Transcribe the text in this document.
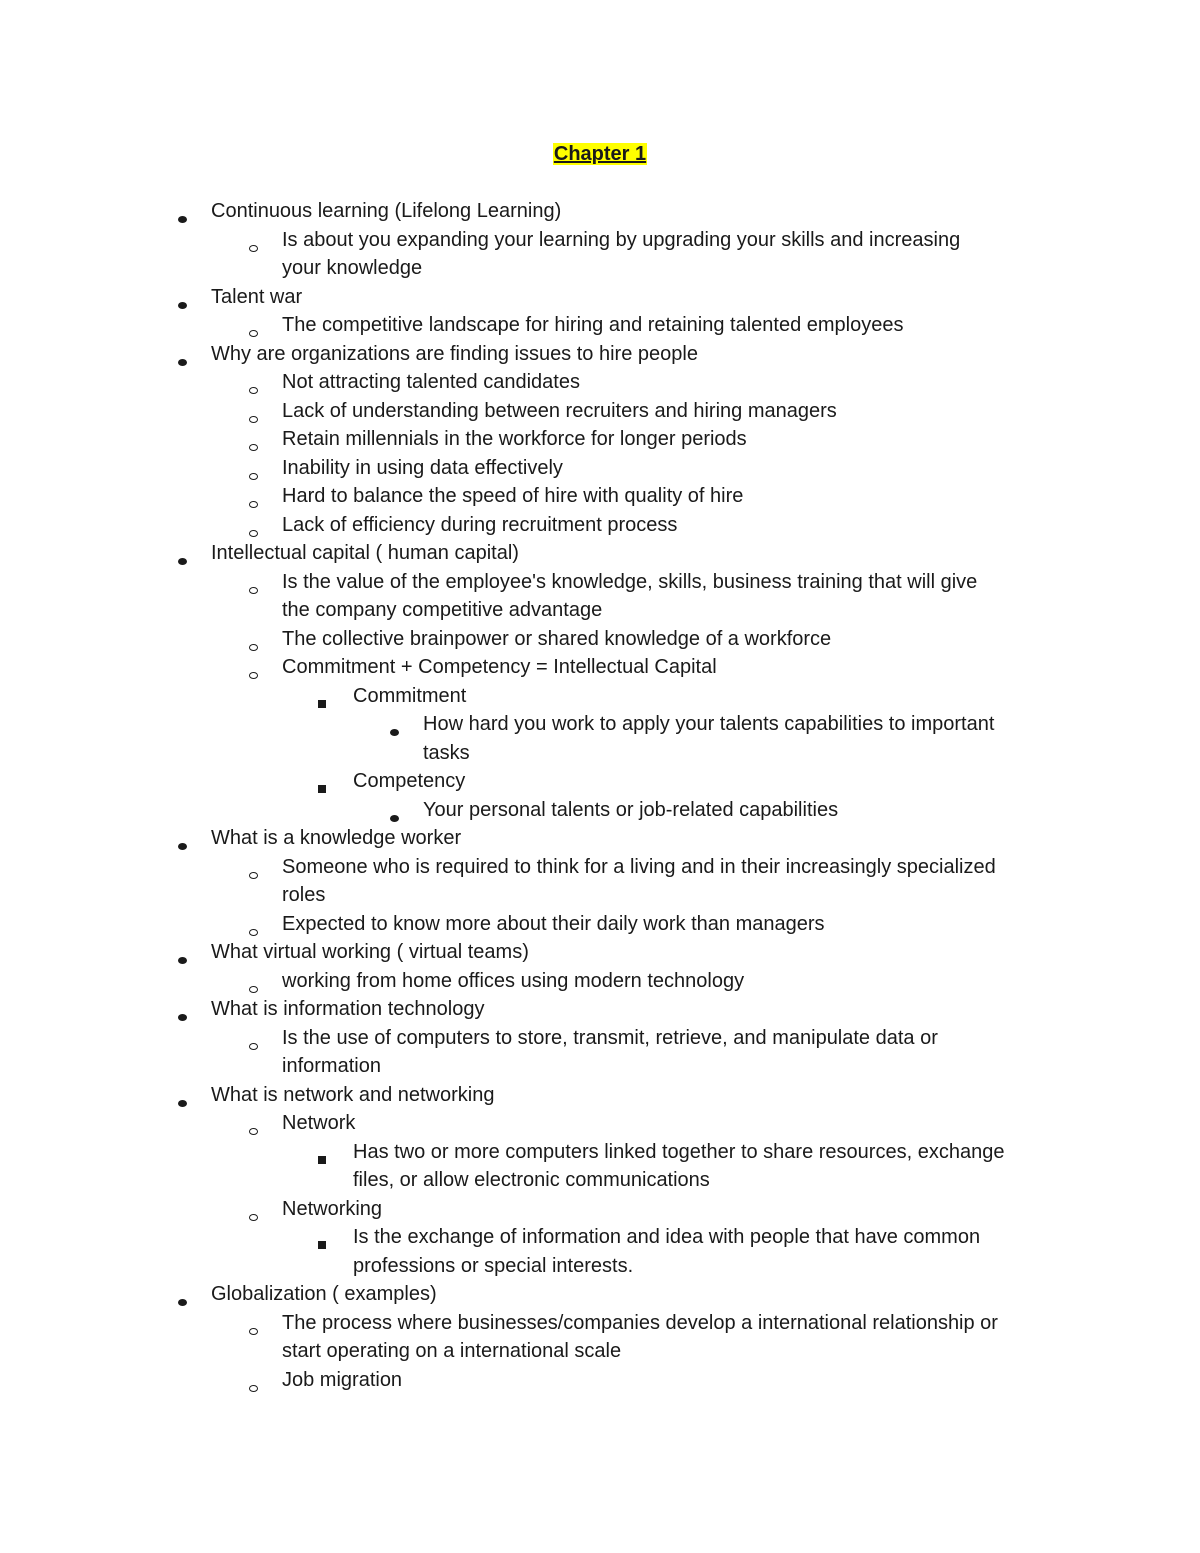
Chapter 1
Continuous learning (Lifelong Learning)
Is about you expanding your learning by upgrading your skills and increasing
your knowledge
Talent war
The competitive landscape for hiring and retaining talented employees
Why are organizations are finding issues to hire people
Not attracting talented candidates
Lack of understanding between recruiters and hiring managers
Retain millennials in the workforce for longer periods
Inability in using data effectively
Hard to balance the speed of hire with quality of hire
Lack of efficiency during recruitment process
Intellectual capital ( human capital)
Is the value of the employee's knowledge, skills, business training that will give
the company competitive advantage
The collective brainpower or shared knowledge of a workforce
Commitment + Competency = Intellectual Capital
Commitment
How hard you work to apply your talents capabilities to important
tasks
Competency
Your personal talents or job-related capabilities
What is a knowledge worker
Someone who is required to think for a living and in their increasingly specialized
roles
Expected to know more about their daily work than managers
What virtual working ( virtual teams)
working from home offices using modern technology
What is information technology
Is the use of computers to store, transmit, retrieve, and manipulate data or
information
What is network and networking
Network
Has two or more computers linked together to share resources, exchange
files, or allow electronic communications
Networking
Is the exchange of information and idea with people that have common
professions or special interests.
Globalization ( examples)
The process where businesses/companies develop a international relationship or
start operating on a international scale
Job migration
